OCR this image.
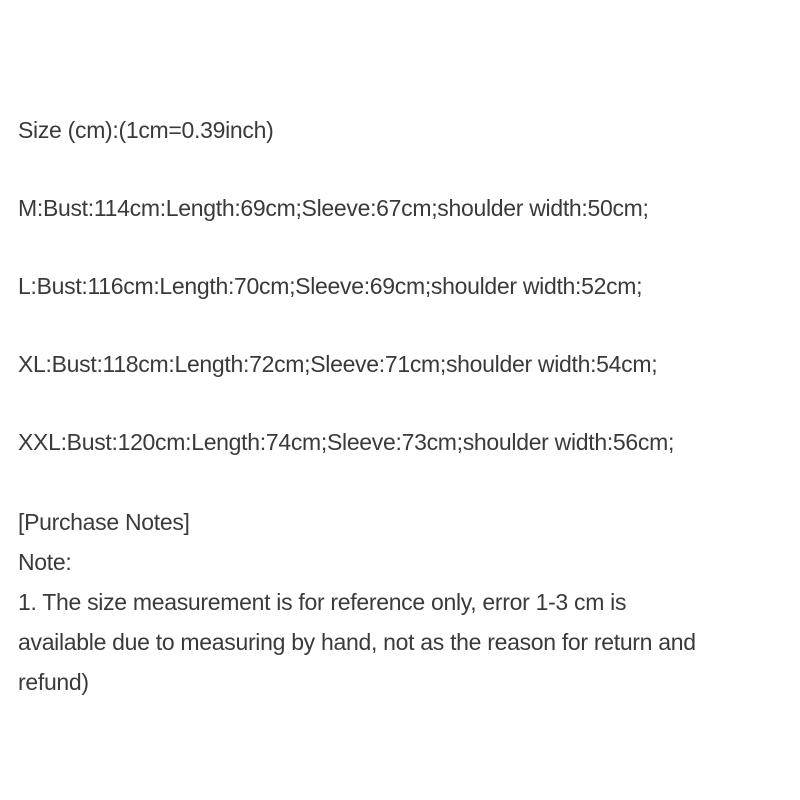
Size (cm):(1cm=0.39inch)
M:Bust:114cm:Length:69cm;Sleeve:67cm;shoulder width:50cm;
L:Bust:116cm:Length:70cm;Sleeve:69cm;shoulder width:52cm;
XL:Bust:118cm:Length:72cm;Sleeve:71cm;shoulder width:54cm;
XXL:Bust:120cm:Length:74cm;Sleeve:73cm;shoulder width:56cm;
[Purchase Notes]
Note:
1. The size measurement is for reference only, error 1-3 cm is
available due to measuring by hand, not as the reason for return and
refund)
